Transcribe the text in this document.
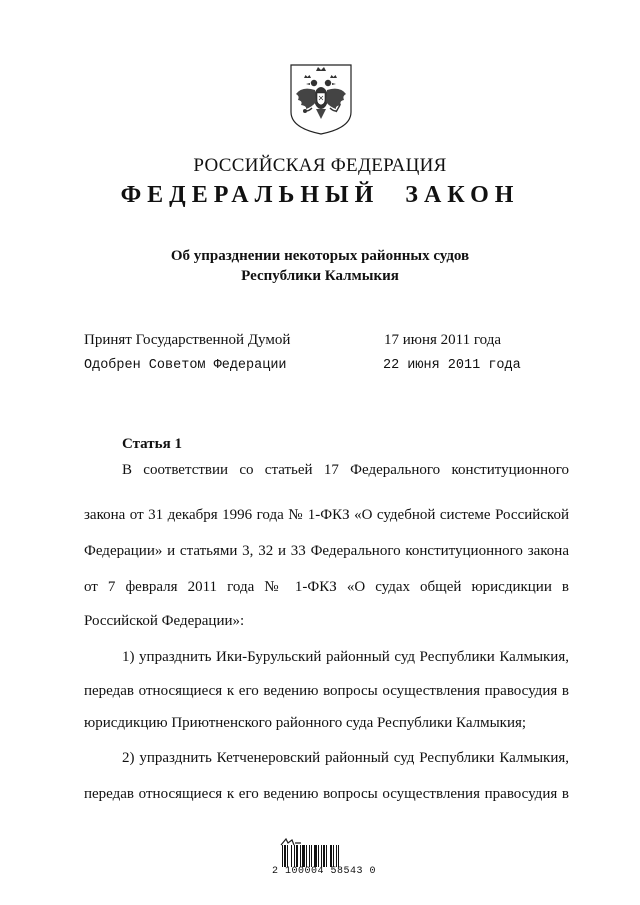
РОССИЙСКАЯ ФЕДЕРАЦИЯ
ФЕДЕРАЛЬНЫЙ ЗАКОН
Об упразднении некоторых районных судов
Республики Калмыкия
Принят Государственной Думой	17 июня 2011 года
Одобрен Советом Федерации	22 июня 2011 года
Статья 1
В соответствии со статьей 17 Федерального конституционного
закона от 31 декабря 1996 года № 1-ФКЗ «О судебной системе Российской
Федерации» и статьями 3, 32 и 33 Федерального конституционного закона
от 7 февраля 2011 года № 1-ФКЗ «О судах общей юрисдикции в
Российской Федерации»:
1) упразднить Ики-Бурульский районный суд Республики Калмыкия,
передав относящиеся к его ведению вопросы осуществления правосудия в
юрисдикцию Приютненского районного суда Республики Калмыкия;
2) упразднить Кетченеровский районный суд Республики Калмыкия,
передав относящиеся к его ведению вопросы осуществления правосудия в
2 100004 58543 0
